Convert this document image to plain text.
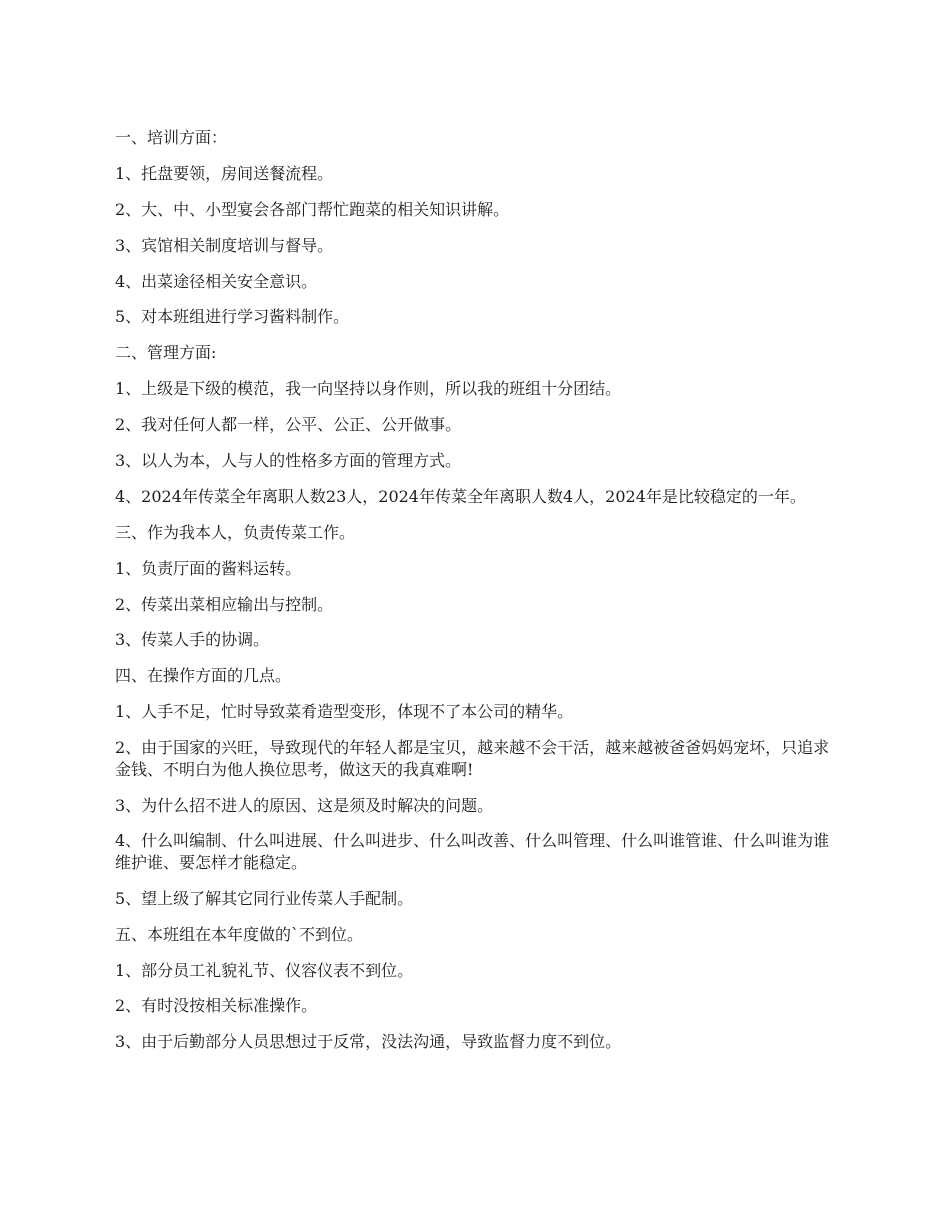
一、培训方面：

1、托盘要领，房间送餐流程。

2、大、中、小型宴会各部门帮忙跑菜的相关知识讲解。

3、宾馆相关制度培训与督导。

4、出菜途径相关安全意识。

5、对本班组进行学习酱料制作。

二、管理方面:

1、上级是下级的模范，我一向坚持以身作则，所以我的班组十分团结。

2、我对任何人都一样，公平、公正、公开做事。

3、以人为本，人与人的性格多方面的管理方式。

4、2024年传菜全年离职人数23人，2024年传菜全年离职人数4人，2024年是比较稳定的一年。

三、作为我本人，负责传菜工作。

1、负责厅面的酱料运转。

2、传菜出菜相应输出与控制。

3、传菜人手的协调。

四、在操作方面的几点。

1、人手不足，忙时导致菜肴造型变形，体现不了本公司的精华。

2、由于国家的兴旺，导致现代的年轻人都是宝贝，越来越不会干活，越来越被爸爸妈妈宠坏，只追求金钱、不明白为他人换位思考，做这天的我真难啊!

3、为什么招不进人的原因、这是须及时解决的问题。

4、什么叫编制、什么叫进展、什么叫进步、什么叫改善、什么叫管理、什么叫谁管谁、什么叫谁为谁维护谁、要怎样才能稳定。

5、望上级了解其它同行业传菜人手配制。

五、本班组在本年度做的`不到位。

1、部分员工礼貌礼节、仪容仪表不到位。

2、有时没按相关标准操作。

3、由于后勤部分人员思想过于反常，没法沟通，导致监督力度不到位。
